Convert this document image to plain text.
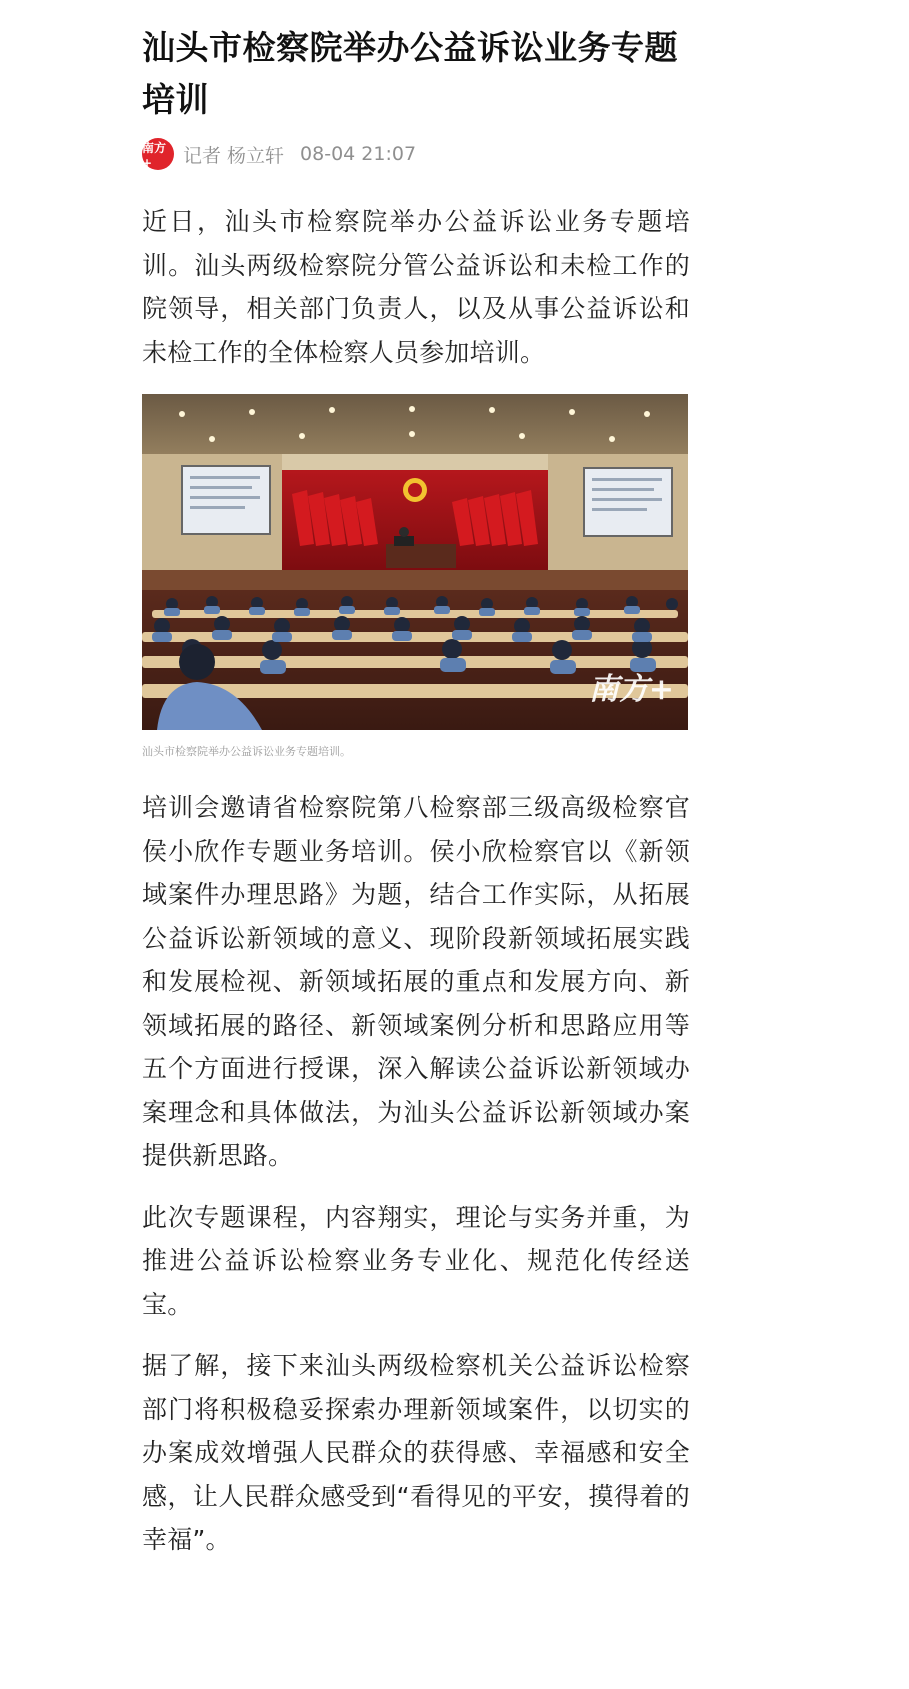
汕头市检察院举办公益诉讼业务专题培训
南方+	记者 杨立轩 08-04 21:07

近日，汕头市检察院举办公益诉讼业务专题培训。汕头两级检察院分管公益诉讼和未检工作的院领导，相关部门负责人，以及从事公益诉讼和未检工作的全体检察人员参加培训。

南方+
汕头市检察院举办公益诉讼业务专题培训。

培训会邀请省检察院第八检察部三级高级检察官侯小欣作专题业务培训。侯小欣检察官以《新领域案件办理思路》为题，结合工作实际，从拓展公益诉讼新领域的意义、现阶段新领域拓展实践和发展检视、新领域拓展的重点和发展方向、新领域拓展的路径、新领域案例分析和思路应用等五个方面进行授课，深入解读公益诉讼新领域办案理念和具体做法，为汕头公益诉讼新领域办案提供新思路。

此次专题课程，内容翔实，理论与实务并重，为推进公益诉讼检察业务专业化、规范化传经送宝。

据了解，接下来汕头两级检察机关公益诉讼检察部门将积极稳妥探索办理新领域案件，以切实的办案成效增强人民群众的获得感、幸福感和安全感，让人民群众感受到“看得见的平安，摸得着的幸福”。
